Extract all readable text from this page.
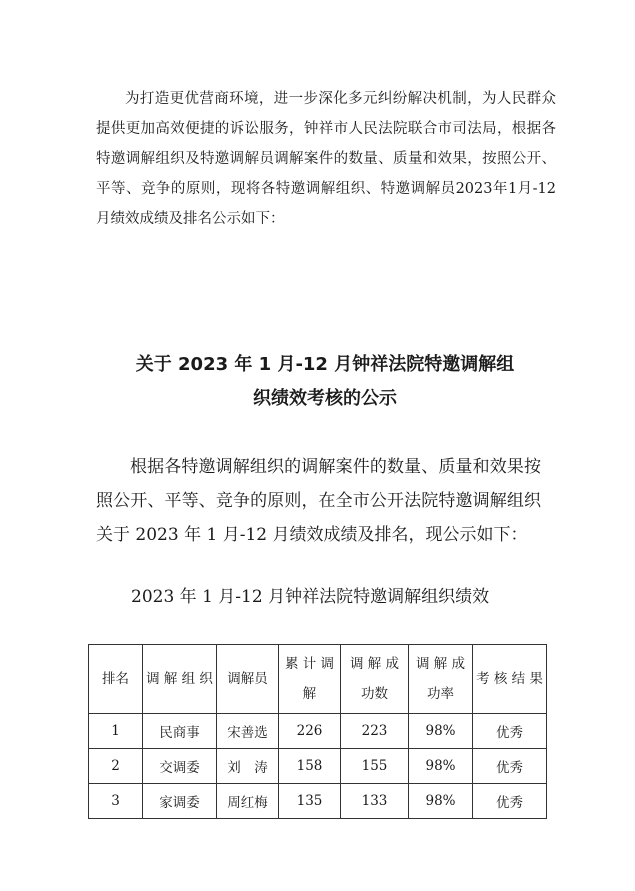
为打造更优营商环境，进一步深化多元纠纷解决机制，为人民群众提供更加高效便捷的诉讼服务，钟祥市人民法院联合市司法局，根据各特邀调解组织及特邀调解员调解案件的数量、质量和效果，按照公开、平等、竞争的原则，现将各特邀调解组织、特邀调解员2023年1月-12月绩效成绩及排名公示如下：

关于 2023 年 1 月-12 月钟祥法院特邀调解组
织绩效考核的公示

根据各特邀调解组织的调解案件的数量、质量和效果按照公开、平等、竞争的原则，在全市公开法院特邀调解组织关于 2023 年 1 月-12 月绩效成绩及排名，现公示如下：

2023 年 1 月-12 月钟祥法院特邀调解组织绩效

排名	调 解 组 织	调解员	累 计 调 解	调 解 成 功数	调 解 成 功率	考 核 结 果
1	民商事	宋善选	226	223	98%	优秀
2	交调委	刘　涛	158	155	98%	优秀
3	家调委	周红梅	135	133	98%	优秀
